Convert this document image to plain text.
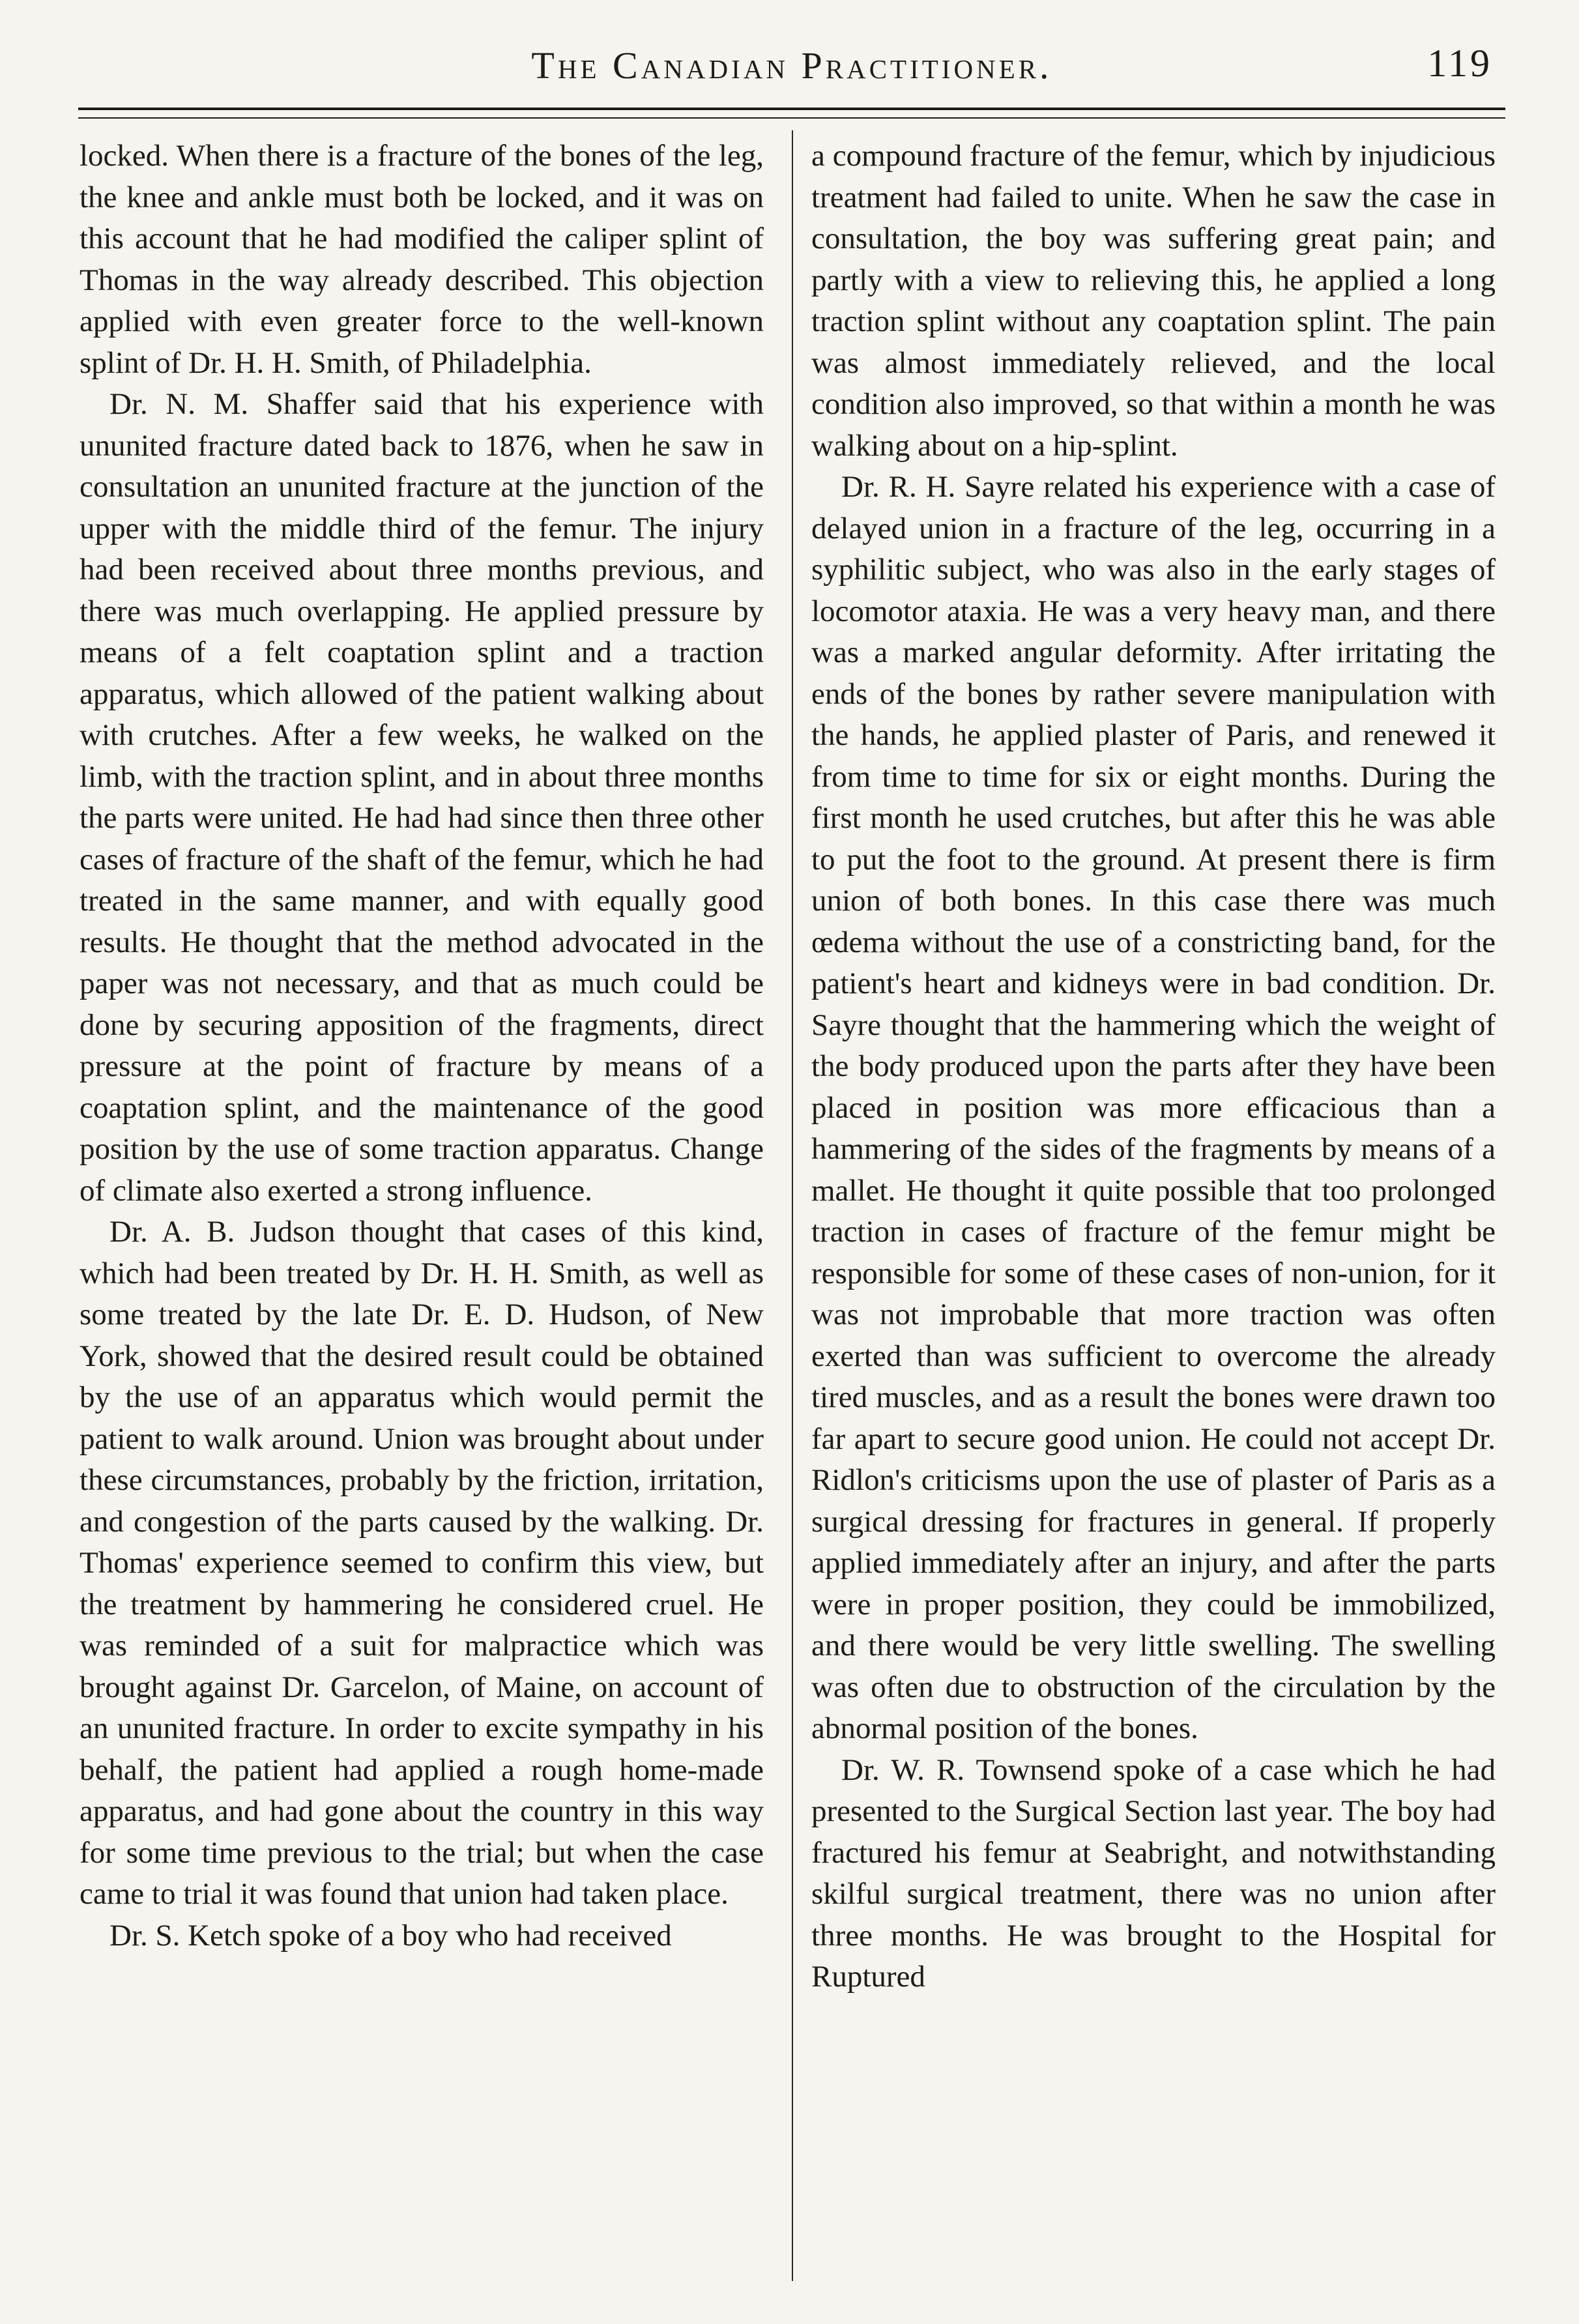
The Canadian Practitioner.	119

locked. When there is a fracture of the bones of the leg, the knee and ankle must both be locked, and it was on this account that he had modified the caliper splint of Thomas in the way already described. This objection applied with even greater force to the well-known splint of Dr. H. H. Smith, of Philadelphia.

Dr. N. M. Shaffer said that his experience with ununited fracture dated back to 1876, when he saw in consultation an ununited fracture at the junction of the upper with the middle third of the femur. The injury had been received about three months previous, and there was much overlapping. He applied pressure by means of a felt coaptation splint and a traction apparatus, which allowed of the patient walking about with crutches. After a few weeks, he walked on the limb, with the traction splint, and in about three months the parts were united. He had had since then three other cases of fracture of the shaft of the femur, which he had treated in the same manner, and with equally good results. He thought that the method advocated in the paper was not necessary, and that as much could be done by securing apposition of the fragments, direct pressure at the point of fracture by means of a coaptation splint, and the maintenance of the good position by the use of some traction apparatus. Change of climate also exerted a strong influence.

Dr. A. B. Judson thought that cases of this kind, which had been treated by Dr. H. H. Smith, as well as some treated by the late Dr. E. D. Hudson, of New York, showed that the desired result could be obtained by the use of an apparatus which would permit the patient to walk around. Union was brought about under these circumstances, probably by the friction, irritation, and congestion of the parts caused by the walking. Dr. Thomas' experience seemed to confirm this view, but the treatment by hammering he considered cruel. He was reminded of a suit for malpractice which was brought against Dr. Garcelon, of Maine, on account of an ununited fracture. In order to excite sympathy in his behalf, the patient had applied a rough home-made apparatus, and had gone about the country in this way for some time previous to the trial; but when the case came to trial it was found that union had taken place.

Dr. S. Ketch spoke of a boy who had received

a compound fracture of the femur, which by injudicious treatment had failed to unite. When he saw the case in consultation, the boy was suffering great pain; and partly with a view to relieving this, he applied a long traction splint without any coaptation splint. The pain was almost immediately relieved, and the local condition also improved, so that within a month he was walking about on a hip-splint.

Dr. R. H. Sayre related his experience with a case of delayed union in a fracture of the leg, occurring in a syphilitic subject, who was also in the early stages of locomotor ataxia. He was a very heavy man, and there was a marked angular deformity. After irritating the ends of the bones by rather severe manipulation with the hands, he applied plaster of Paris, and renewed it from time to time for six or eight months. During the first month he used crutches, but after this he was able to put the foot to the ground. At present there is firm union of both bones. In this case there was much œdema without the use of a constricting band, for the patient's heart and kidneys were in bad condition. Dr. Sayre thought that the hammering which the weight of the body produced upon the parts after they have been placed in position was more efficacious than a hammering of the sides of the fragments by means of a mallet. He thought it quite possible that too prolonged traction in cases of fracture of the femur might be responsible for some of these cases of non-union, for it was not improbable that more traction was often exerted than was sufficient to overcome the already tired muscles, and as a result the bones were drawn too far apart to secure good union. He could not accept Dr. Ridlon's criticisms upon the use of plaster of Paris as a surgical dressing for fractures in general. If properly applied immediately after an injury, and after the parts were in proper position, they could be immobilized, and there would be very little swelling. The swelling was often due to obstruction of the circulation by the abnormal position of the bones.

Dr. W. R. Townsend spoke of a case which he had presented to the Surgical Section last year. The boy had fractured his femur at Seabright, and notwithstanding skilful surgical treatment, there was no union after three months. He was brought to the Hospital for Ruptured
